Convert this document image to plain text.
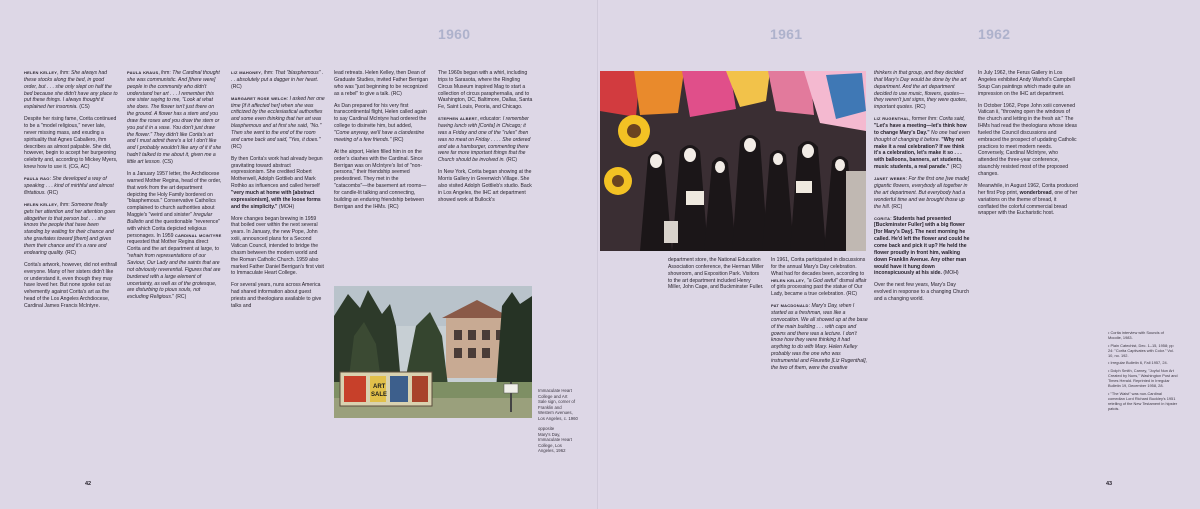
1960

helen kelley, ihm: She always had these stocks along the bed, in good order, but . . . she only slept on half the bed because she didn't have any place to put these things. I always thought it explained her insomnia. (CS)

Despite her rising fame, Corita continued to be a "model religious," never late, never missing mass, and exuding a spirituality that Agnes Caballero, ihm describes as almost palpable. She did, however, begin to accept her burgeoning celebrity and, according to Mickey Myers, knew how to use it. (CG, AC)

paula rao: She developed a way of speaking . . . kind of mirthful and almost flirtatious. (RC)

helen kelley, ihm: Someone finally gets her attention and her attention goes altogether to that person but . . . she knows the people that have been standing by waiting for their chance and she gravitates toward [them] and gives them their chance and it's a rare and endearing quality. (RC)

Corita's artwork, however, did not enthrall everyone. Many of her sisters didn't like or understand it, even though they may have loved her. But none spoke out as vehemently against Corita's art as the head of the Los Angeles Archdiocese, Cardinal James Francis McIntyre.

paula kraus, ihm: The Cardinal thought she was communistic. And [there were] people in the community who didn't understand her art . . . I remember this one sister saying to me, "Look at what she does. The flower isn't just there on the ground. A flower has a stem and you draw the roses and you draw the stem or you put it in a vase. You don't just draw the flower." They didn't like Corita's art and I must admit there's a lot I don't like and I probably wouldn't like any of it if she hadn't talked to me about it, given me a little art lesson. (CS)

In a January 1957 letter, the Archdiocese warned Mother Regina, head of the order, that work from the art department depicting the Holy Family bordered on "blasphemous." Conservative Catholics complained to church authorities about Maggie's "weird and sinister" Irregular Bulletin and the questionable "reverence" with which Corita depicted religious personages. In 1959 cardinal mcintyre requested that Mother Regina direct Corita and the art department at large, to "refrain from representations of our Saviour, Our Lady and the saints that are not obviously reverential. Figures that are burdened with a large element of uncertainty, as well as of the grotesque, are disturbing to pious souls, not excluding Religious." (RC)

liz mahoney, ihm: That "blasphemous" . . . absolutely put a dagger in her heart. (RC)

margaret rose welch: I asked her one time [if it affected her] when she was criticized by the ecclesiastical authorities and some even thinking that her art was blasphemous and at first she said, "No." Then she went to the end of the room and came back and said, "Yes, it does." (RC)

By then Corita's work had already begun gravitating toward abstract expressionism. She credited Robert Motherwell, Adolph Gottlieb and Mark Rothko as influences and called herself "very much at home with [abstract expressionism], with the loose forms and the simplicity." (MOH)

More changes began brewing in 1959 that boiled over within the next several years. In January, the new Pope, John xxiii, announced plans for a Second Vatican Council, intended to bridge the chasm between the modern world and the Roman Catholic Church. 1959 also marked Father Daniel Berrigan's first visit to Immaculate Heart College.

For several years, nuns across America had shared information about guest priests and theologians available to give talks and

lead retreats. Helen Kelley, then Dean of Graduate Studies, invited Father Berrigan who was "just beginning to be recognized as a rebel" to give a talk. (RC)

As Dan prepared for his very first transcontinental flight, Helen called again to say Cardinal McIntyre had ordered the college to disinvite him, but added, "Come anyway, we'll have a clandestine meeting of a few friends." (RC)

At the airport, Helen filled him in on the order's clashes with the Cardinal. Since Berrigan was on McIntyre's list of "non-persons," their friendship seemed predestined. They met in the "catacombs"—the basement art rooms—for candle-lit talking and connecting, building an enduring friendship between Berrigan and the IHMs. (RC)

The 1960s began with a whirl, including trips to Sarasota, where the Ringling Circus Museum inspired Mag to start a collection of circus paraphernalia, and to Washington, DC, Baltimore, Dallas, Santa Fe, Saint Louis, Peoria, and Chicago.

stephen albert, educator: I remember having lunch with [Corita] in Chicago; it was a Friday and one of the "rules" then was no meat on Friday . . . . She ordered and ate a hamburger, commenting there were far more important things that the Church should be involved in. (RC)

In New York, Corita began showing at the Morris Gallery in Greenwich Village. She also visited Adolph Gottlieb's studio. Back in Los Angeles, the IHC art department showed work at Bullock's

ART
SALE
Immaculate Heart
College and Art
Sale sign, corner of
Franklin and
Western Avenues,
Los Angeles, c. 1960
opposite
Mary's Day,
Immaculate Heart
College, Los
Angeles, 1962
42
1961	1962

department store, the National Education Association conference, the Herman Miller showroom, and Exposition Park. Visitors to the art department included Henry Miller, John Cage, and Buckminster Fuller.

In 1961, Corita participated in discussions for the annual Mary's Day celebration. What had for decades been, according to helen kelley, "a God awful" dismal affair of girls processing past the statue of Our Lady, became a true celebration. (RC)

pat macdonald: Mary's Day, when I started as a freshman, was like a convocation. We all showed up at the base of the main building . . . with caps and gowns and there was a lecture. I don't know how they were thinking it had anything to do with Mary. Helen Kelley probably was the one who was instrumental and Fleurette [Liz Rugenthal], the two of them, were the creative

thinkers in that group, and they decided that Mary's Day would be done by the art department. And the art department decided to use music, flowers, quotes—they weren't just signs, they were quotes, important quotes. (RC)

liz rugenthal, former ihm: Corita said, "Let's have a meeting—let's think how to change Mary's Day." No one had even thought of changing it before. "Why not make it a real celebration? If we think it's a celebration, let's make it so . . . with balloons, banners, art students, music students, a real parade." (RC)

janet weber: For the first one [we made] gigantic flowers, everybody all together in the art department. But everybody had a wonderful time and we brought those up the hill. (RC)

corita: Students had presented [Buckminster Fuller] with a big flower [for Mary's Day]. The next morning he called. He'd left the flower and could he come back and pick it up? He held the flower proudly in front him, walking down Franklin Avenue. Any other man would have it hung down inconspicuously at his side. (MOH)

Over the next few years, Mary's Day evolved in response to a changing Church and a changing world.

In July 1962, the Ferus Gallery in Los Angeles exhibited Andy Warhol's Campbell Soup Can paintings which made quite an impression on the IHC art department.

In October 1962, Pope John xxiii convened Vatican ii, "throwing open the windows of the church and letting in the fresh air." The IHMs had read the theologians whose ideas fueled the Council discussions and embraced the prospect of updating Catholic practices to meet modern needs. Conversely, Cardinal McIntyre, who attended the three-year conference, staunchly resisted most of the proposed changes.

Meanwhile, in August 1962, Corita produced her first Pop print, wonderbread, one of her variations on the theme of bread, it conflated the colorful commercial bread wrapper with the Eucharistic host.

• Corita interview with Sounds of Moodie, 1983.
• Plain Catechist, Dec. 1–15, 1958; pp 24: "Corita Captivates with Color." Vol. 10, no. 192.
• Irregular Bulletin 6, Fall 1957, 24.
• Dolph Smith, Carney, "Joyful Nun Art Created by Nuns," Washington Post and Times Herald. Reprinted in Irregular Bulletin 19, December 1958, 28.
• "The Waist" was nun-Cardinal comedian Lord Richard Buckley's 1951 retelling of the New Testament in hipster patois.
43
